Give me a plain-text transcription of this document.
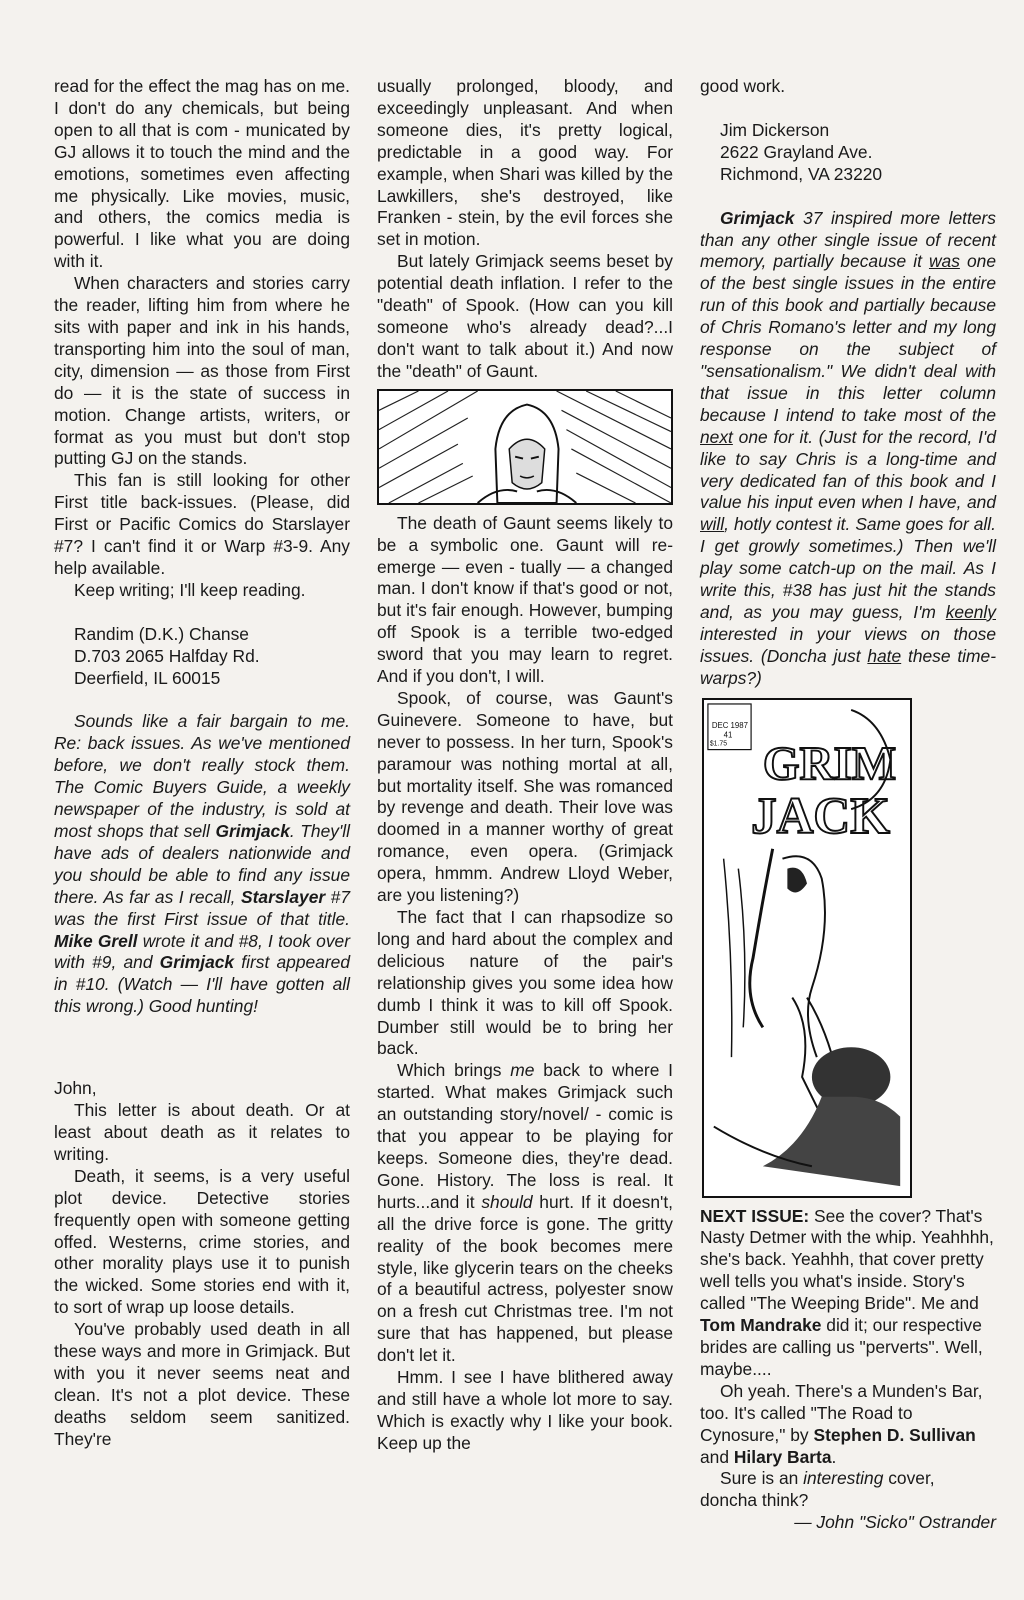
read for the effect the mag has on me. I don't do any chemicals, but being open to all that is com - municated by GJ allows it to touch the mind and the emotions, sometimes even affecting me physically. Like movies, music, and others, the comics media is powerful. I like what you are doing with it.

When characters and stories carry the reader, lifting him from where he sits with paper and ink in his hands, transporting him into the soul of man, city, dimension — as those from First do — it is the state of success in motion. Change artists, writers, or format as you must but don't stop putting GJ on the stands.

This fan is still looking for other First title back-issues. (Please, did First or Pacific Comics do Starslayer #7? I can't find it or Warp #3-9. Any help available.

Keep writing; I'll keep reading.

Randim (D.K.) Chanse
D.703 2065 Halfday Rd.
Deerfield, IL 60015

Sounds like a fair bargain to me. Re: back issues. As we've mentioned before, we don't really stock them. The Comic Buyers Guide, a weekly newspaper of the industry, is sold at most shops that sell Grimjack. They'll have ads of dealers nationwide and you should be able to find any issue there. As far as I recall, Starslayer #7 was the first First issue of that title. Mike Grell wrote it and #8, I took over with #9, and Grimjack first appeared in #10. (Watch — I'll have gotten all this wrong.) Good hunting!

John,

This letter is about death. Or at least about death as it relates to writing.

Death, it seems, is a very useful plot device. Detective stories frequently open with someone getting offed. Westerns, crime stories, and other morality plays use it to punish the wicked. Some stories end with it, to sort of wrap up loose details.

You've probably used death in all these ways and more in Grimjack. But with you it never seems neat and clean. It's not a plot device. These deaths seldom seem sanitized. They're

usually prolonged, bloody, and exceedingly unpleasant. And when someone dies, it's pretty logical, predictable in a good way. For example, when Shari was killed by the Lawkillers, she's destroyed, like Franken - stein, by the evil forces she set in motion.

But lately Grimjack seems beset by potential death inflation. I refer to the "death" of Spook. (How can you kill someone who's already dead?...I don't want to talk about it.) And now the "death" of Gaunt.

The death of Gaunt seems likely to be a symbolic one. Gaunt will re-emerge — even - tually — a changed man. I don't know if that's good or not, but it's fair enough. However, bumping off Spook is a terrible two-edged sword that you may learn to regret. And if you don't, I will.

Spook, of course, was Gaunt's Guinevere. Someone to have, but never to possess. In her turn, Spook's paramour was nothing mortal at all, but mortality itself. She was romanced by revenge and death. Their love was doomed in a manner worthy of great romance, even opera. (Grimjack opera, hmmm. Andrew Lloyd Weber, are you listening?)

The fact that I can rhapsodize so long and hard about the complex and delicious nature of the pair's relationship gives you some idea how dumb I think it was to kill off Spook. Dumber still would be to bring her back.

Which brings me back to where I started. What makes Grimjack such an outstanding story/novel/ - comic is that you appear to be playing for keeps. Someone dies, they're dead. Gone. History. The loss is real. It hurts...and it should hurt. If it doesn't, all the drive force is gone. The gritty reality of the book becomes mere style, like glycerin tears on the cheeks of a beautiful actress, polyester snow on a fresh cut Christmas tree. I'm not sure that has happened, but please don't let it.

Hmm. I see I have blithered away and still have a whole lot more to say. Which is exactly why I like your book. Keep up the

good work.

Jim Dickerson
2622 Grayland Ave.
Richmond, VA 23220

Grimjack 37 inspired more letters than any other single issue of recent memory, partially because it was one of the best single issues in the entire run of this book and partially because of Chris Romano's letter and my long response on the subject of "sensationalism." We didn't deal with that issue in this letter column because I intend to take most of the next one for it. (Just for the record, I'd like to say Chris is a long-time and very dedicated fan of this book and I value his input even when I have, and will, hotly contest it. Same goes for all. I get growly sometimes.) Then we'll play some catch-up on the mail. As I write this, #38 has just hit the stands and, as you may guess, I'm keenly interested in your views on those issues. (Doncha just hate these time-warps?)

DEC 1987
41
$1.75 GRIM
JACK

NEXT ISSUE: See the cover? That's Nasty Detmer with the whip. Yeahhhh, she's back. Yeahhh, that cover pretty well tells you what's inside. Story's called "The Weeping Bride". Me and Tom Mandrake did it; our respective brides are calling us "perverts". Well, maybe....

Oh yeah. There's a Munden's Bar, too. It's called "The Road to Cynosure," by Stephen D. Sullivan and Hilary Barta.

Sure is an interesting cover, doncha think?

— John "Sicko" Ostrander
